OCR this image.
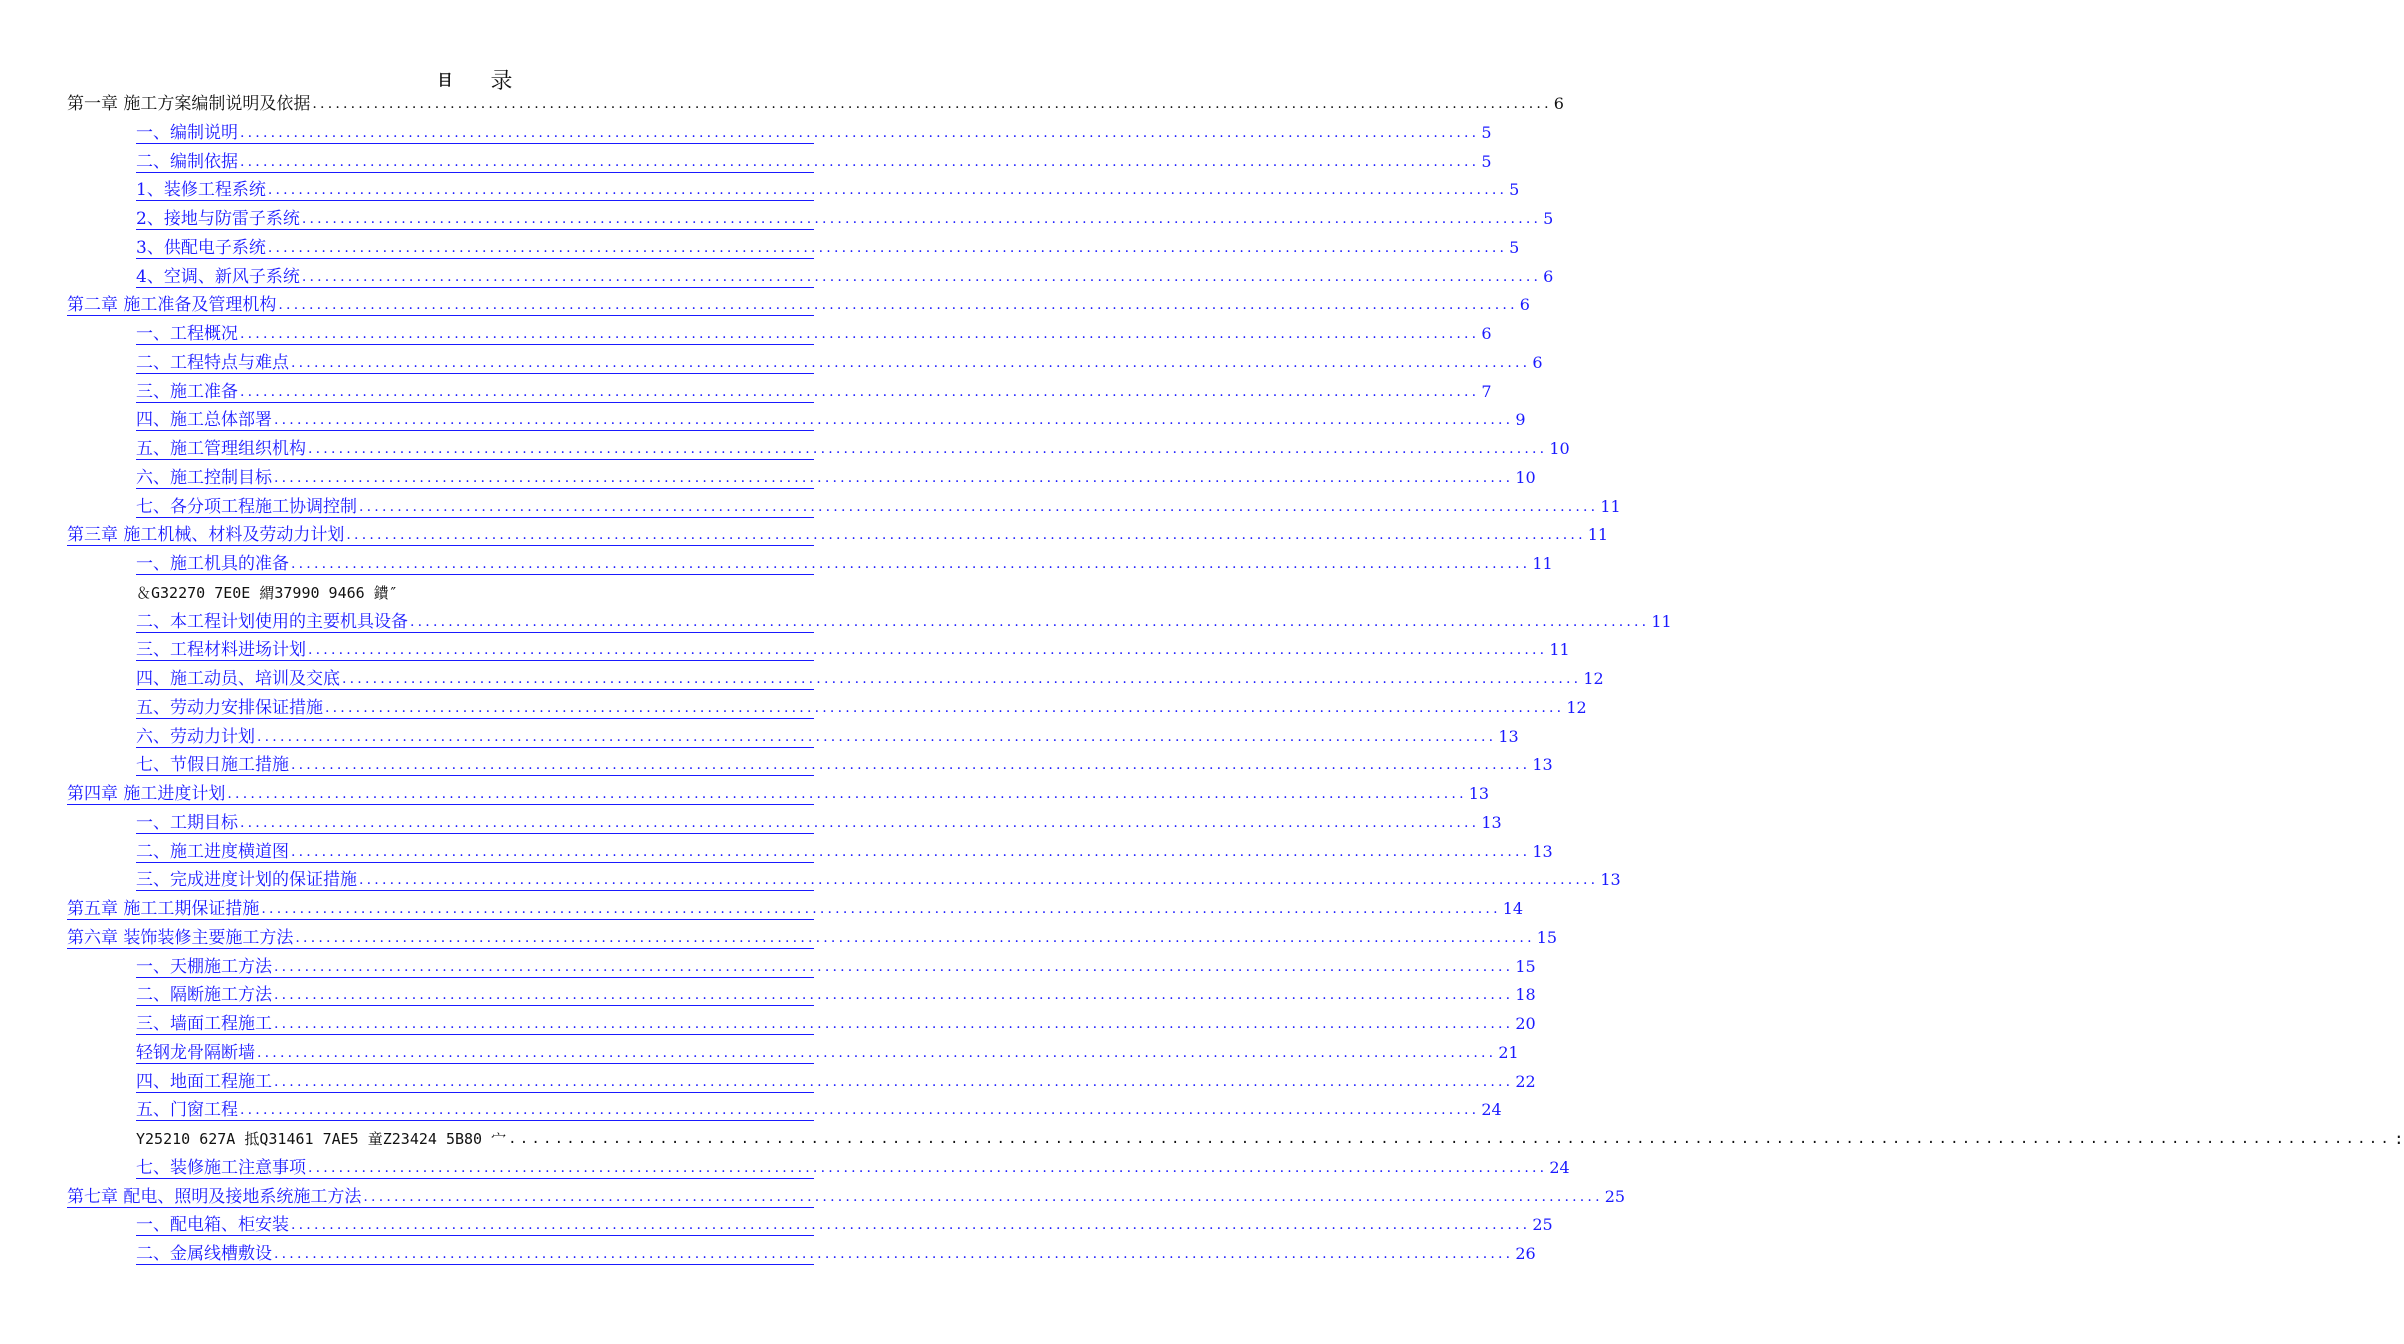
目 录
第一章 施工方案编制说明及依据 .................................................................................................................................................................. 6
一、编制说明 .................................................................................................................................................................. 5
二、编制依据 .................................................................................................................................................................. 5
1、装修工程系统 .................................................................................................................................................................. 5
2、接地与防雷子系统 .................................................................................................................................................................. 5
3、供配电子系统 .................................................................................................................................................................. 5
4、空调、新风子系统 .................................................................................................................................................................. 6
第二章 施工准备及管理机构 .................................................................................................................................................................. 6
一、工程概况 .................................................................................................................................................................. 6
二、工程特点与难点 .................................................................................................................................................................. 6
三、施工准备 .................................................................................................................................................................. 7
四、施工总体部署 .................................................................................................................................................................. 9
五、施工管理组织机构 .................................................................................................................................................................. 10
六、施工控制目标 .................................................................................................................................................................. 10
七、各分项工程施工协调控制 .................................................................................................................................................................. 11
第三章 施工机械、材料及劳动力计划 .................................................................................................................................................................. 11
一、施工机具的准备 .................................................................................................................................................................. 11
＆G32270 7E0E 緭37990 9466 鐨″
二、本工程计划使用的主要机具设备 .................................................................................................................................................................. 11
三、工程材料进场计划 .................................................................................................................................................................. 11
四、施工动员、培训及交底 .................................................................................................................................................................. 12
五、劳动力安排保证措施 .................................................................................................................................................................. 12
六、劳动力计划 .................................................................................................................................................................. 13
七、节假日施工措施 .................................................................................................................................................................. 13
第四章 施工进度计划 .................................................................................................................................................................. 13
一、工期目标 .................................................................................................................................................................. 13
二、施工进度横道图 .................................................................................................................................................................. 13
三、完成进度计划的保证措施 .................................................................................................................................................................. 13
第五章 施工工期保证措施 .................................................................................................................................................................. 14
第六章 装饰装修主要施工方法 .................................................................................................................................................................. 15
一、天棚施工方法 .................................................................................................................................................................. 15
二、隔断施工方法 .................................................................................................................................................................. 18
三、墙面工程施工 .................................................................................................................................................................. 20
轻钢龙骨隔断墙 .................................................................................................................................................................. 21
四、地面工程施工 .................................................................................................................................................................. 22
五、门窗工程 .................................................................................................................................................................. 24
Y25210 627A 抵Q31461 7AE5 童Z23424 5B80 宀 .................................................................................................................................................................. :
七、装修施工注意事项 .................................................................................................................................................................. 24
第七章 配电、照明及接地系统施工方法 .................................................................................................................................................................. 25
一、配电箱、柜安装 .................................................................................................................................................................. 25
二、金属线槽敷设 .................................................................................................................................................................. 26
